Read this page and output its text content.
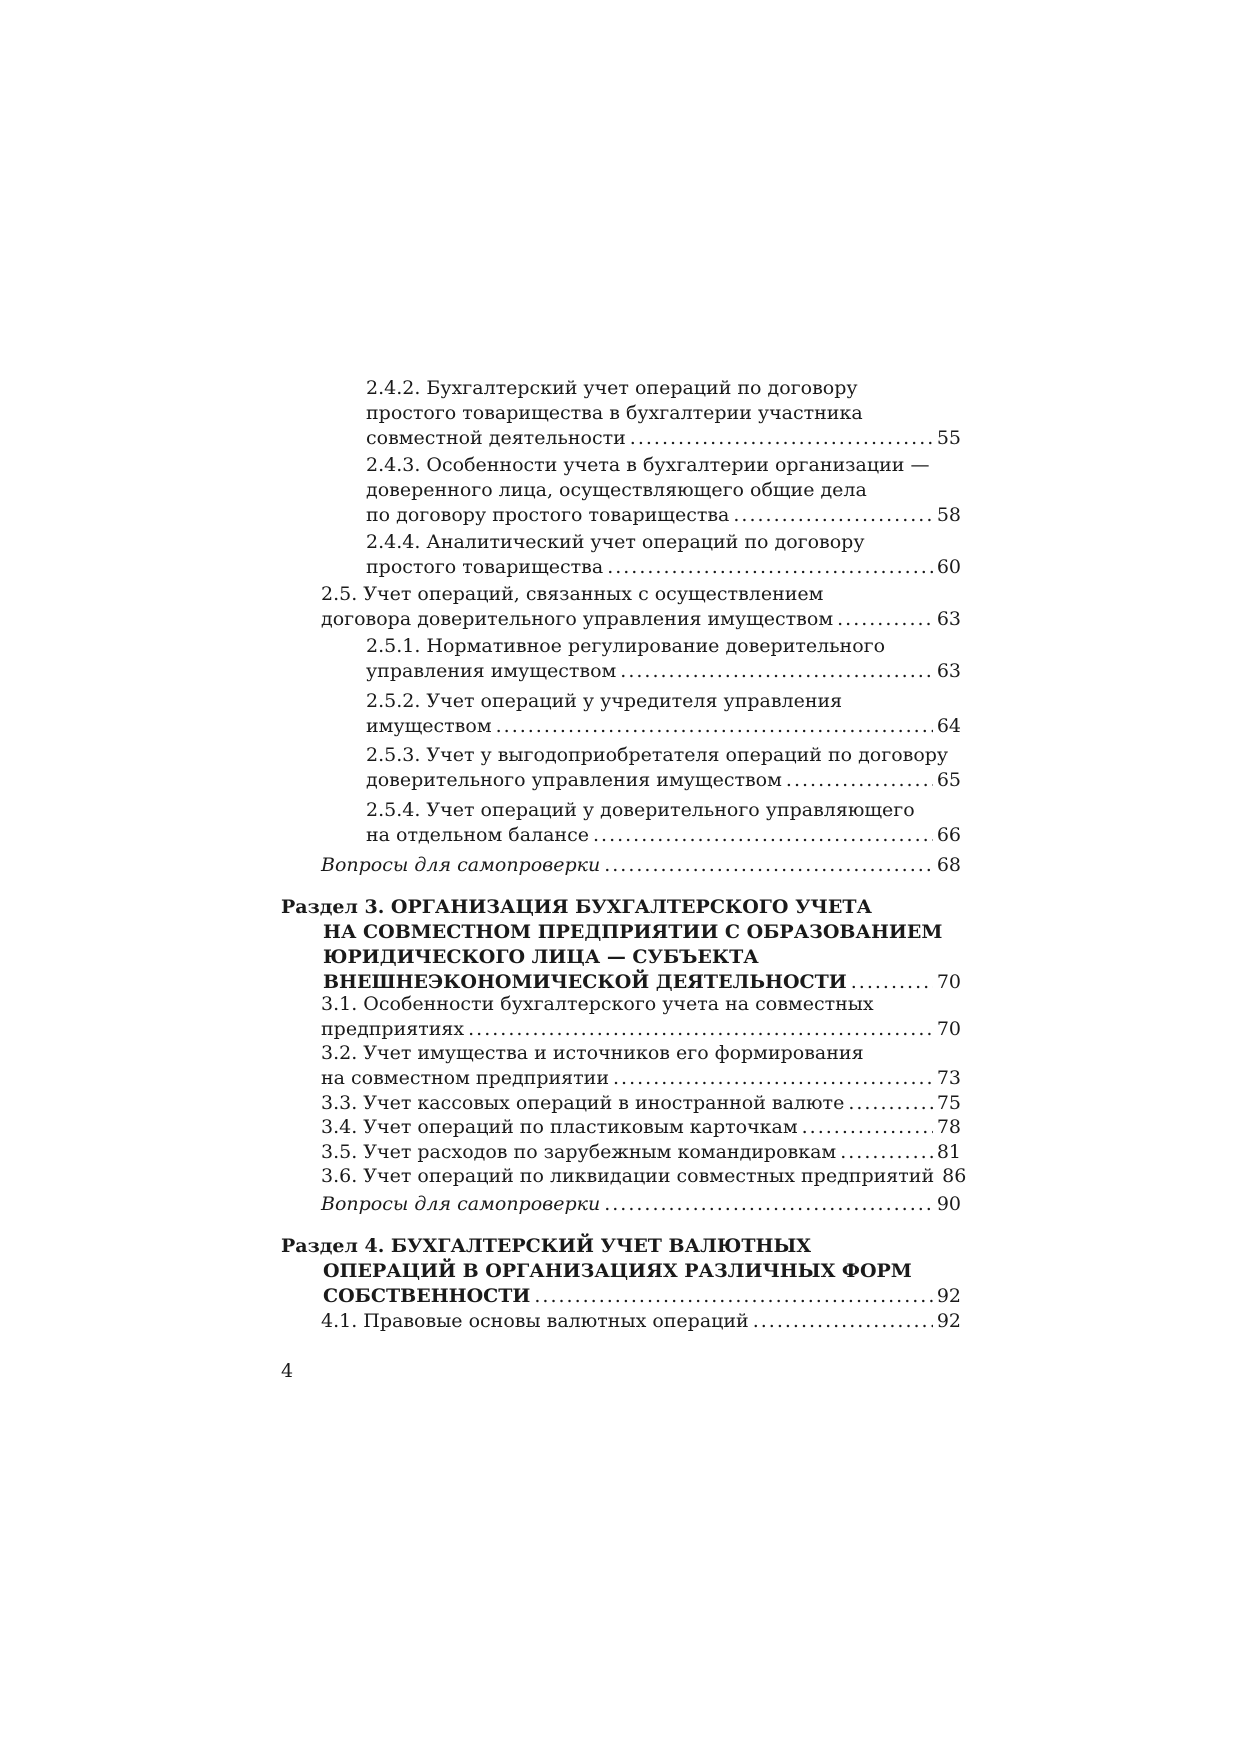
2.4.2. Бухгалтерский учет операций по договору
простого товарищества в бухгалтерии участника
совместной деятельности .....	55
2.4.3. Особенности учета в бухгалтерии организации —
доверенного лица, осуществляющего общие дела
по договору простого товарищества .....	58
2.4.4. Аналитический учет операций по договору
простого товарищества .....	60
2.5. Учет операций, связанных с осуществлением
договора доверительного управления имуществом .....	63
2.5.1. Нормативное регулирование доверительного
управления имуществом .....	63
2.5.2. Учет операций у учредителя управления
имуществом .....	64
2.5.3. Учет у выгодоприобретателя операций по договору
доверительного управления имуществом .....	65
2.5.4. Учет операций у доверительного управляющего
на отдельном балансе .....	66
Вопросы для самопроверки .....	68
Раздел 3. ОРГАНИЗАЦИЯ БУХГАЛТЕРСКОГО УЧЕТА
НА СОВМЕСТНОМ ПРЕДПРИЯТИИ С ОБРАЗОВАНИЕМ
ЮРИДИЧЕСКОГО ЛИЦА — СУБЪЕКТА
ВНЕШНЕЭКОНОМИЧЕСКОЙ ДЕЯТЕЛЬНОСТИ .....	70
3.1. Особенности бухгалтерского учета на совместных
предприятиях .....	70
3.2. Учет имущества и источников его формирования
на совместном предприятии .....	73
3.3. Учет кассовых операций в иностранной валюте .....	75
3.4. Учет операций по пластиковым карточкам .....	78
3.5. Учет расходов по зарубежным командировкам .....	81
3.6. Учет операций по ликвидации совместных предприятий 86
Вопросы для самопроверки .....	90
Раздел 4. БУХГАЛТЕРСКИЙ УЧЕТ ВАЛЮТНЫХ
ОПЕРАЦИЙ В ОРГАНИЗАЦИЯХ РАЗЛИЧНЫХ ФОРМ
СОБСТВЕННОСТИ .....	92
4.1. Правовые основы валютных операций .....	92
4
